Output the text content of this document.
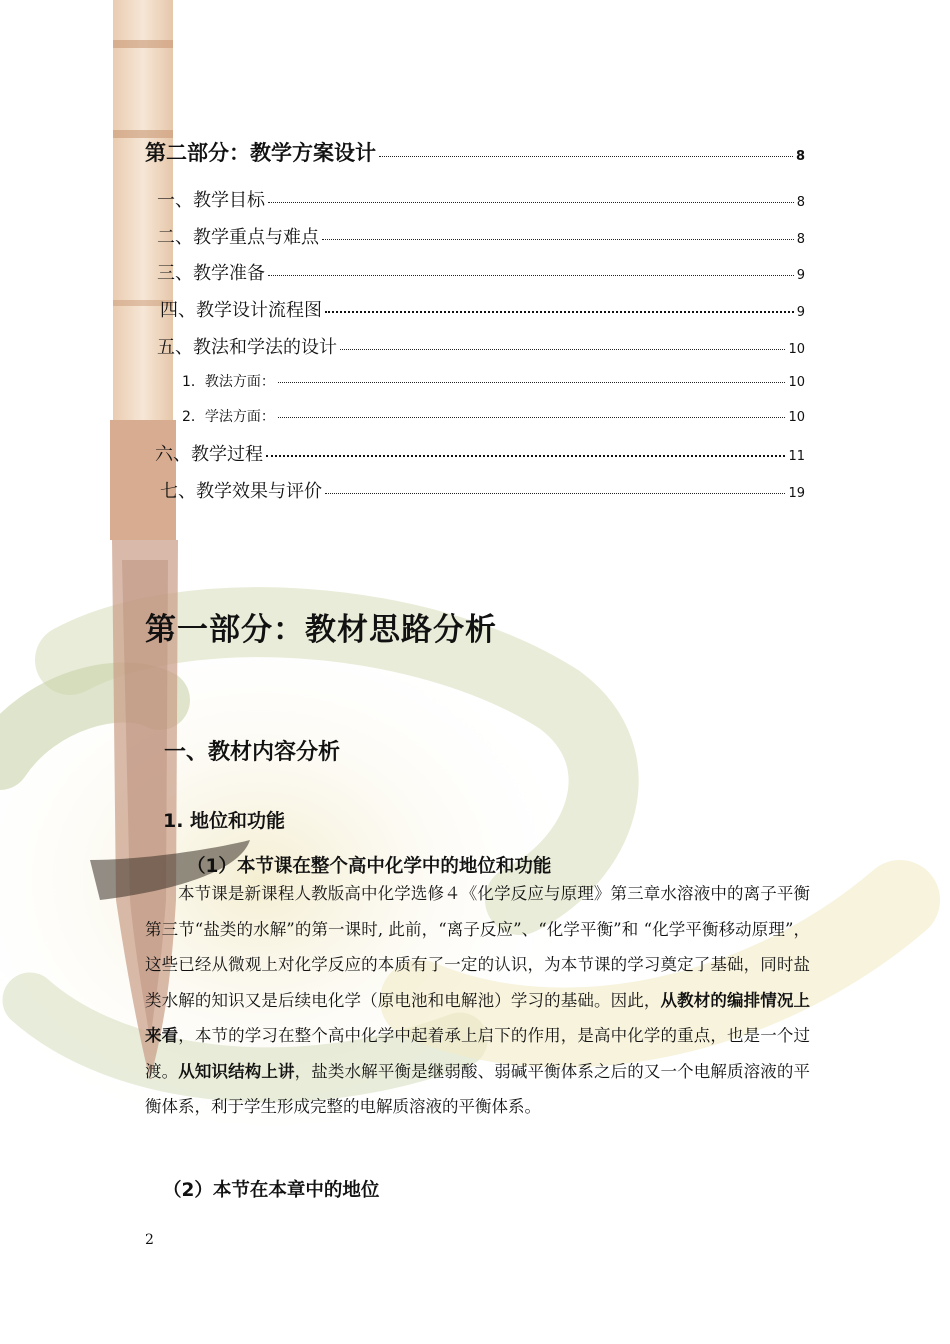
第二部分：教学方案设计	8
一、教学目标	8
二、教学重点与难点	8
三、教学准备	9
四、教学设计流程图	9
五、教法和学法的设计	10
1．教法方面：	10
2．学法方面：	10
六、教学过程	11
七、教学效果与评价	19
第一部分：教材思路分析
一、教材内容分析
1. 地位和功能
（1）本节课在整个高中化学中的地位和功能
本节课是新课程人教版高中化学选修４《化学反应与原理》第三章水溶液中的离子平衡第三节“盐类的水解”的第一课时, 此前，“离子反应”、“化学平衡”和 “化学平衡移动原理”，这些已经从微观上对化学反应的本质有了一定的认识，为本节课的学习奠定了基础，同时盐类水解的知识又是后续电化学（原电池和电解池）学习的基础。因此，从教材的编排情况上来看，本节的学习在整个高中化学中起着承上启下的作用，是高中化学的重点，也是一个过渡。从知识结构上讲，盐类水解平衡是继弱酸、弱碱平衡体系之后的又一个电解质溶液的平衡体系，利于学生形成完整的电解质溶液的平衡体系。
（2）本节在本章中的地位
2
